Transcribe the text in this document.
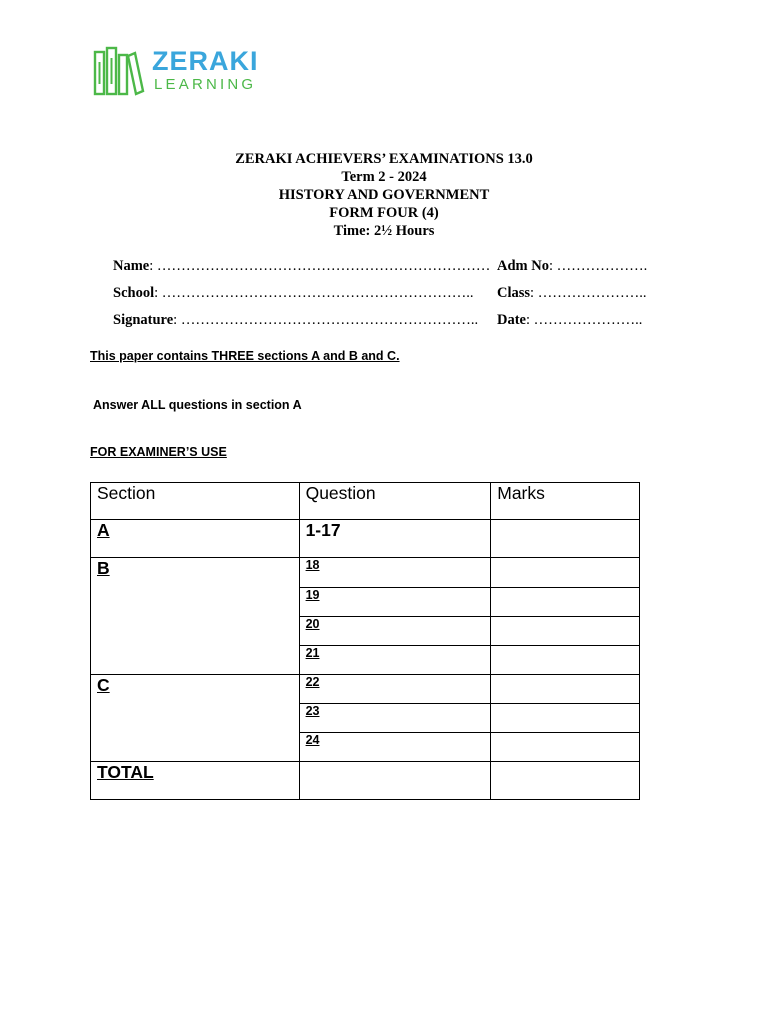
ZERAKI
LEARNING
ZERAKI ACHIEVERS’ EXAMINATIONS 13.0
Term 2 - 2024
HISTORY AND GOVERNMENT
FORM FOUR (4)
Time: 2½ Hours
Name: …………………………………………………………… Adm No: ……………….
School: ……………………………………………………….. Class: …………………..
Signature: …………………………………………………….. Date: …………………..
This paper contains THREE sections A and B and C.
Answer ALL questions in section A
FOR EXAMINER’S USE
Section	Question	Marks
A	1-17	
B	18	
	19	
	20	
	21	
C	22	
	23	
	24	
TOTAL		
